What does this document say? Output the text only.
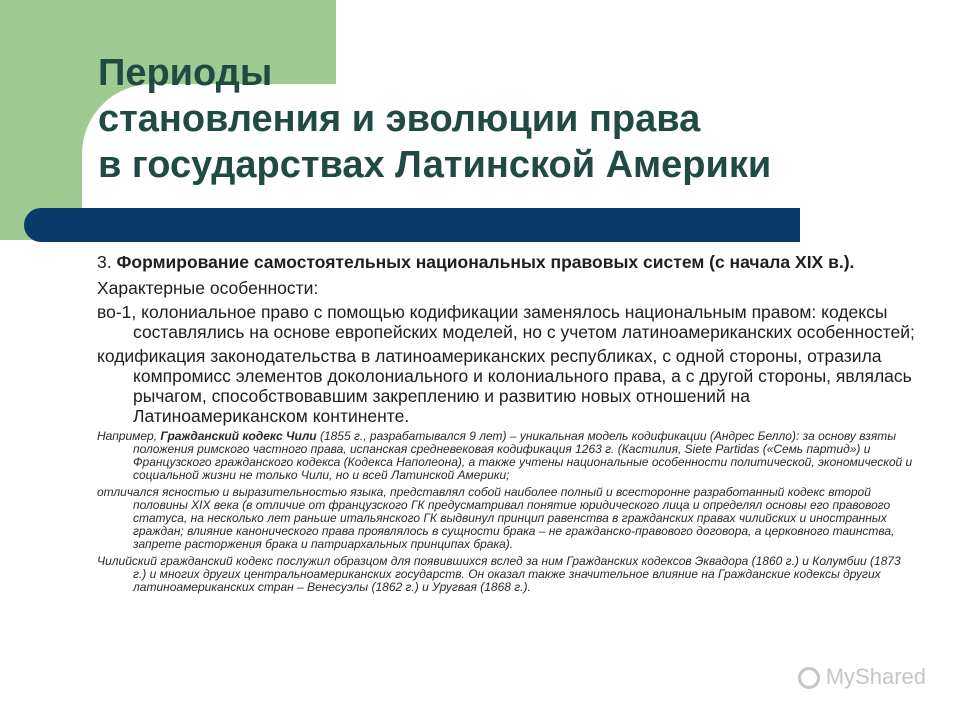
Периоды
становления и эволюции права
в государствах Латинской Америки

3. Формирование самостоятельных национальных правовых систем (с начала XIX в.).

Характерные особенности:

во-1, колониальное право с помощью кодификации заменялось национальным правом: кодексы составлялись на основе европейских моделей, но с учетом латиноамериканских особенностей;

кодификация законодательства в латиноамериканских республиках, с одной стороны, отразила компромисс элементов доколониального и колониального права, а с другой стороны, являлась рычагом, способствовавшим закреплению и развитию новых отношений на Латиноамериканском континенте.

Например, Гражданский кодекс Чили (1855 г., разрабатывался 9 лет) – уникальная модель кодификации (Андрес Белло): за основу взяты положения римского частного права, испанская средневековая кодификация 1263 г. (Кастилия, Siete Partidas («Семь партид») и Французского гражданского кодекса (Кодекса Наполеона), а также учтены национальные особенности политической, экономической и социальной жизни не только Чили, но и всей Латинской Америки;

отличался ясностью и выразительностью языка, представлял собой наиболее полный и всесторонне разработанный кодекс второй половины XIX века (в отличие от французского ГК предусматривал понятие юридического лица и определял основы его правового статуса, на несколько лет раньше итальянского ГК выдвинул принцип равенства в гражданских правах чилийских и иностранных граждан; влияние канонического права проявлялось в сущности брака – не гражданско-правового договора, а церковного таинства, запрете расторжения брака и патриархальных принципах брака).

Чилийский гражданский кодекс послужил образцом для появившихся вслед за ним Гражданских кодексов Эквадора (1860 г.) и Колумбии (1873 г.) и многих других центральноамериканских государств. Он оказал также значительное влияние на Гражданские кодексы других латиноамериканских стран – Венесуэлы (1862 г.) и Уругвая (1868 г.).

MyShared
